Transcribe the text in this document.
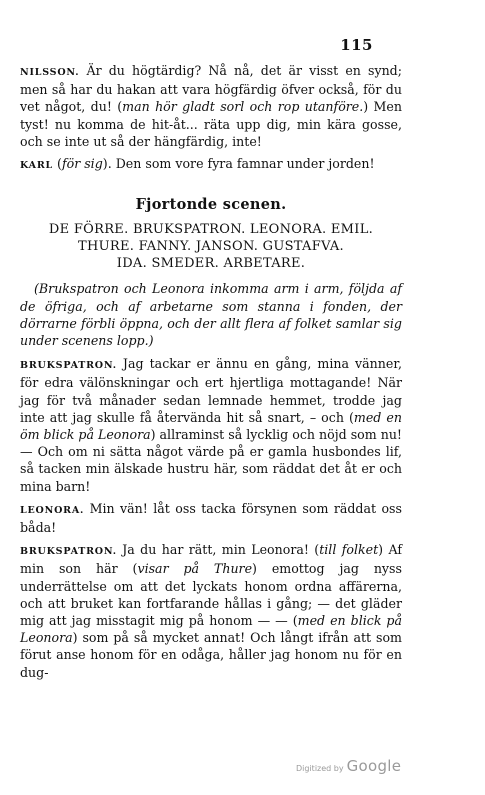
115

NILSSON. Är du högtärdig? Nå nå, det är visst en synd; men så har du hakan att vara högfärdig öfver också, för du vet något, du! (man hör gladt sorl och rop utanföre.) Men tyst! nu komma de hit-åt... räta upp dig, min kära gosse, och se inte ut så der hängfärdig, inte!

KARL (för sig). Den som vore fyra famnar under jorden!

Fjortonde scenen.
DE FÖRRE. BRUKSPATRON. LEONORA. EMIL.
THURE. FANNY. JANSON. GUSTAFVA.
IDA. SMEDER. ARBETARE.

(Brukspatron och Leonora inkomma arm i arm, följda af de öfriga, och af arbetarne som stanna i fonden, der dörrarne förbli öppna, och der allt flera af folket samlar sig under scenens lopp.)

BRUKSPATRON. Jag tackar er ännu en gång, mina vänner, för edra välönskningar och ert hjertliga mottagande! När jag för två månader sedan lemnade hemmet, trodde jag inte att jag skulle få återvända hit så snart, – och (med en öm blick på Leonora) allraminst så lycklig och nöjd som nu! — Och om ni sätta något värde på er gamla husbondes lif, så tacken min älskade hustru här, som räddat det åt er och mina barn!

LEONORA. Min vän! låt oss tacka försynen som räddat oss båda!

BRUKSPATRON. Ja du har rätt, min Leonora! (till folket) Af min son här (visar på Thure) emottog jag nyss underrättelse om att det lyckats honom ordna affärerna, och att bruket kan fortfarande hållas i gång; — det gläder mig att jag misstagit mig på honom — — (med en blick på Leonora) som på så mycket annat! Och långt ifrån att som förut anse honom för en odåga, håller jag honom nu för en dug-

Digitized by Google
